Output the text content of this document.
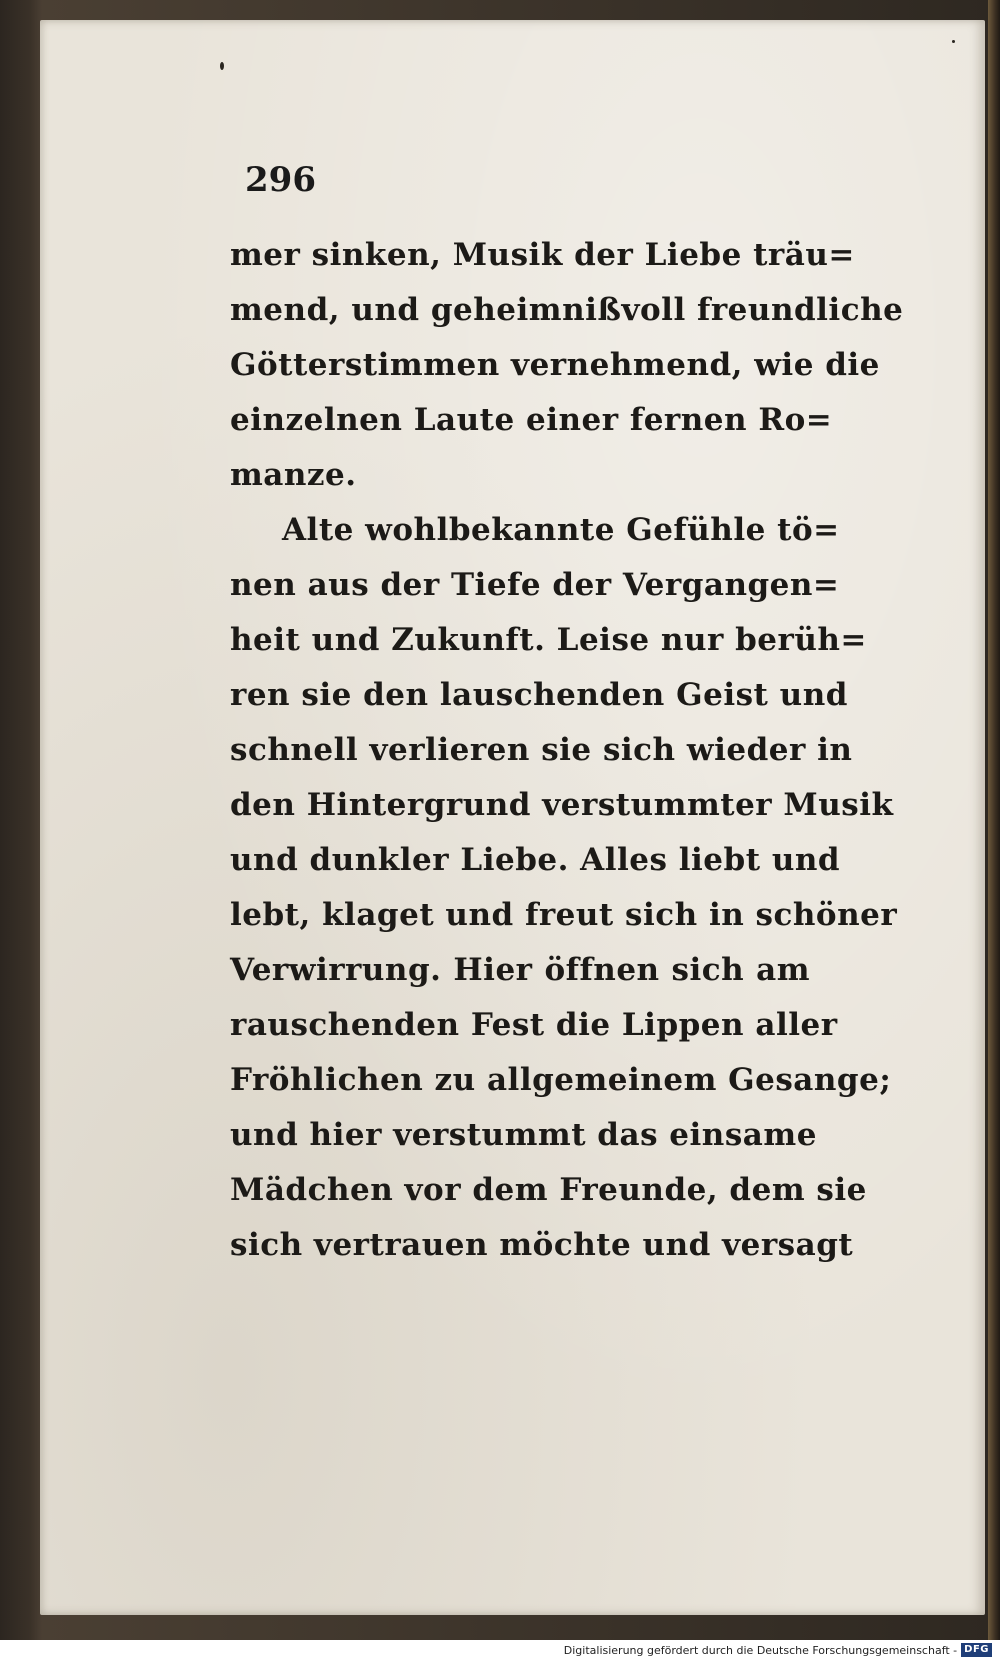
296
mer sinken, Musik der Liebe träu=
mend, und geheimnißvoll freundliche
Götterstimmen vernehmend, wie die
einzelnen Laute einer fernen Ro=
manze.
Alte wohlbekannte Gefühle tö=
nen aus der Tiefe der Vergangen=
heit und Zukunft. Leise nur berüh=
ren sie den lauschenden Geist und
schnell verlieren sie sich wieder in
den Hintergrund verstummter Musik
und dunkler Liebe. Alles liebt und
lebt, klaget und freut sich in schöner
Verwirrung. Hier öffnen sich am
rauschenden Fest die Lippen aller
Fröhlichen zu allgemeinem Gesange;
und hier verstummt das einsame
Mädchen vor dem Freunde, dem sie
sich vertrauen möchte und versagt
Digitalisierung gefördert durch die Deutsche Forschungsgemeinschaft - DFG
